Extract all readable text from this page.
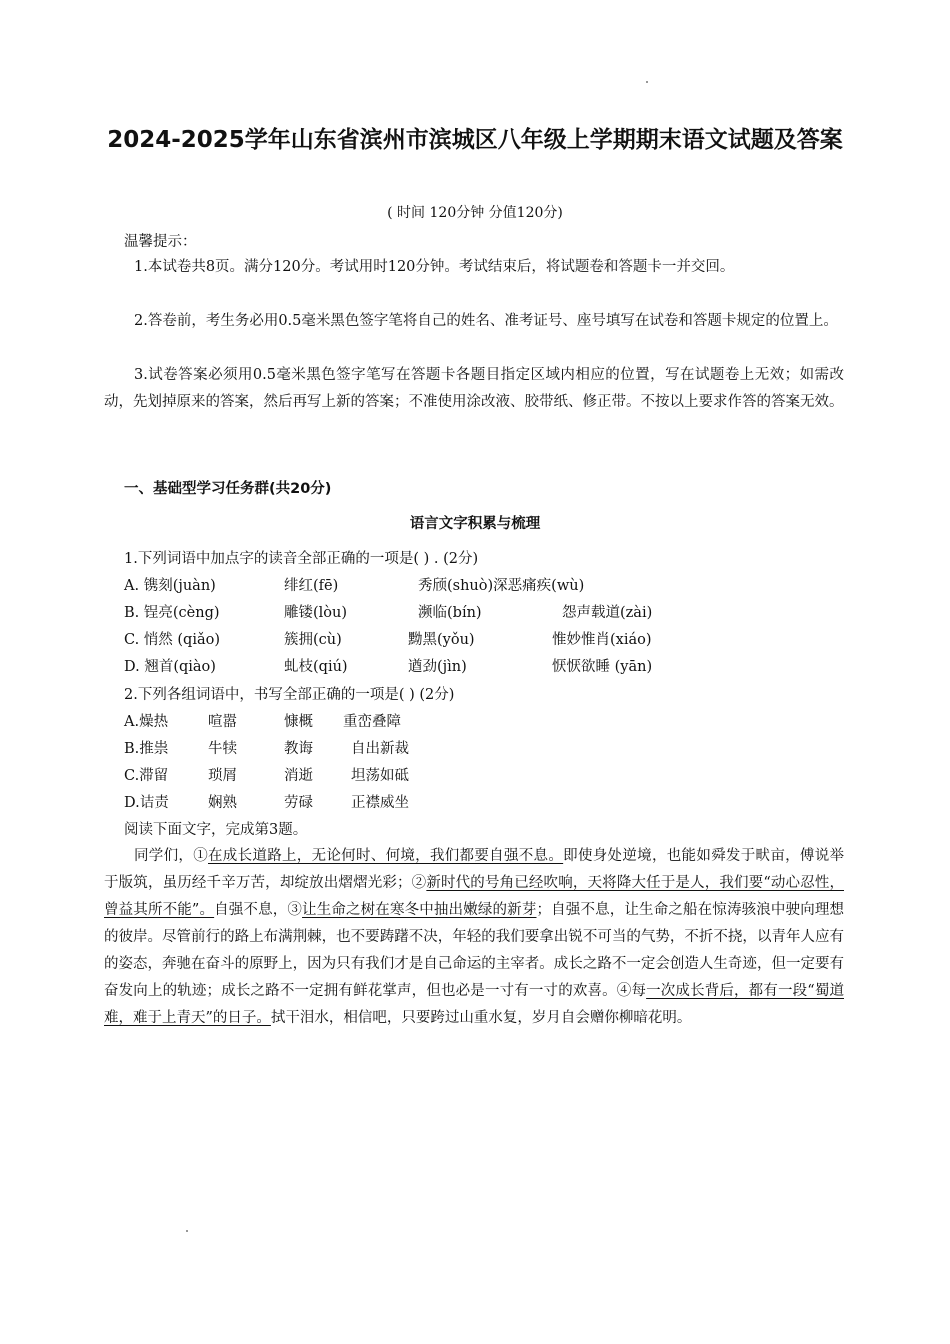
2024-2025学年山东省滨州市滨城区八年级上学期期末语文试题及答案
( 时间 120分钟 分值120分)
温馨提示：

1.本试卷共8页。满分120分。考试用时120分钟。考试结束后，将试题卷和答题卡一并交回。

2.答卷前，考生务必用0.5毫米黑色签字笔将自己的姓名、准考证号、座号填写在试卷和答题卡规定的位置上。

3.试卷答案必须用0.5毫米黑色签字笔写在答题卡各题目指定区域内相应的位置，写在试题卷上无效；如需改动，先划掉原来的答案，然后再写上新的答案；不准使用涂改液、胶带纸、修正带。不按以上要求作答的答案无效。

一、基础型学习任务群(共20分)
语言文字积累与梳理
1.下列词语中加点字的读音全部正确的一项是( ) . (2分)
A. 镌刻(juàn)	绯红(fē)	秀颀(shuò)深恶痛疾(wù)
B. 锃亮(cèng)	雕镂(lòu)	濒临(bín)	怨声载道(zài)
C. 悄然 (qiǎo)	簇拥(cù)	黝黑(yǒu)	惟妙惟肖(xiáo)
D. 翘首(qiào)	虬枝(qiú)	遒劲(jìn)	恹恹欲睡 (yān)
2.下列各组词语中，书写全部正确的一项是( ) (2分)
A.燥热	喧嚣	慷概 重峦叠障
B.推祟	牛犊	教诲	自出新裁
C.滞留	琐屑	消逝	坦荡如砥
D.诘责	娴熟	劳碌	正襟威坐
阅读下面文字，完成第3题。

同学们，①在成长道路上，无论何时、何境，我们都要自强不息。即使身处逆境，也能如舜发于畎亩，傅说举于版筑，虽历经千辛万苦，却绽放出熠熠光彩；②新时代的号角已经吹响，天将降大任于是人，我们要“动心忍性，曾益其所不能”。自强不息，③让生命之树在寒冬中抽出嫩绿的新芽；自强不息，让生命之船在惊涛骇浪中驶向理想的彼岸。尽管前行的路上布满荆棘，也不要踌躇不决，年轻的我们要拿出锐不可当的气势，不折不挠，以青年人应有的姿态，奔驰在奋斗的原野上，因为只有我们才是自己命运的主宰者。成长之路不一定会创造人生奇迹，但一定要有奋发向上的轨迹；成长之路不一定拥有鲜花掌声，但也必是一寸有一寸的欢喜。④每一次成长背后，都有一段“蜀道难，难于上青天”的日子。拭干泪水，相信吧，只要跨过山重水复，岁月自会赠你柳暗花明。
